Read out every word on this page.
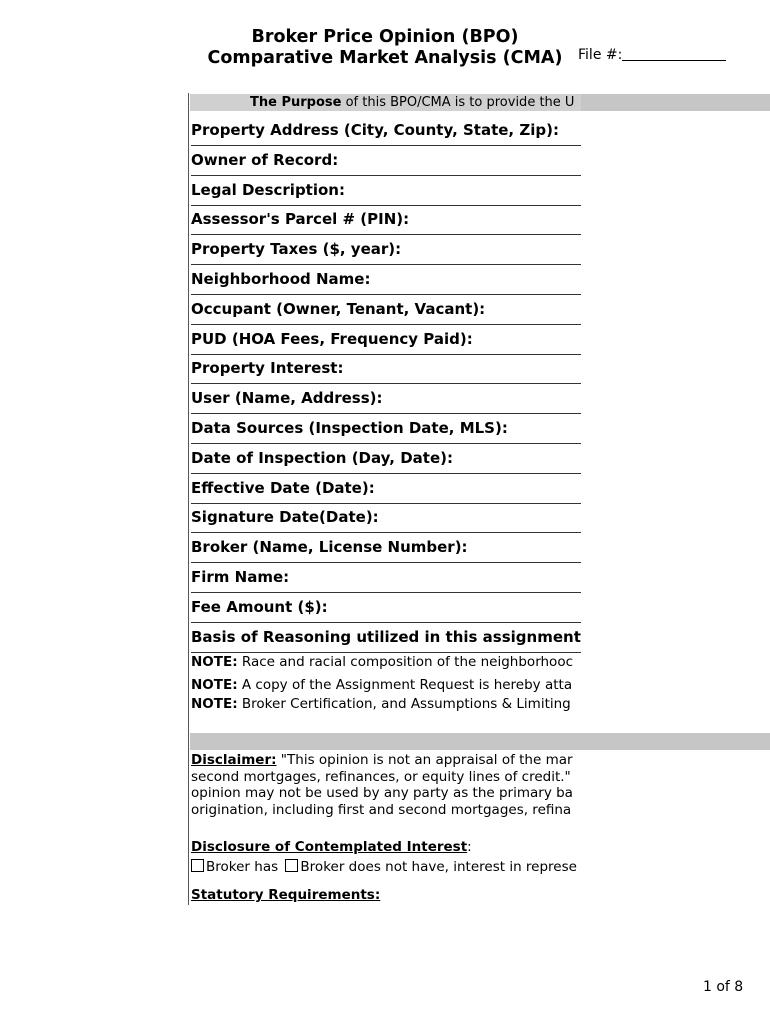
Broker Price Opinion (BPO)
Comparative Market Analysis (CMA)	File #:
The Purpose of this BPO/CMA is to provide the U
Property Address (City, County, State, Zip):
Owner of Record:
Legal Description:
Assessor's Parcel # (PIN):
Property Taxes ($, year):
Neighborhood Name:
Occupant (Owner, Tenant, Vacant):
PUD (HOA Fees, Frequency Paid):
Property Interest:
User (Name, Address):
Data Sources (Inspection Date, MLS):
Date of Inspection (Day, Date):
Effective Date (Date):
Signature Date(Date):
Broker (Name, License Number):
Firm Name:
Fee Amount ($):
Basis of Reasoning utilized in this assignment
NOTE: Race and racial composition of the neighborhooc
NOTE: A copy of the Assignment Request is hereby atta
NOTE: Broker Certification, and Assumptions & Limiting
Disclaimer: "This opinion is not an appraisal of the mar
second mortgages, refinances, or equity lines of credit."
opinion may not be used by any party as the primary ba
origination, including first and second mortgages, refina
Disclosure of Contemplated Interest:
Broker has Broker does not have, interest in represe
Statutory Requirements:
1 of 8
